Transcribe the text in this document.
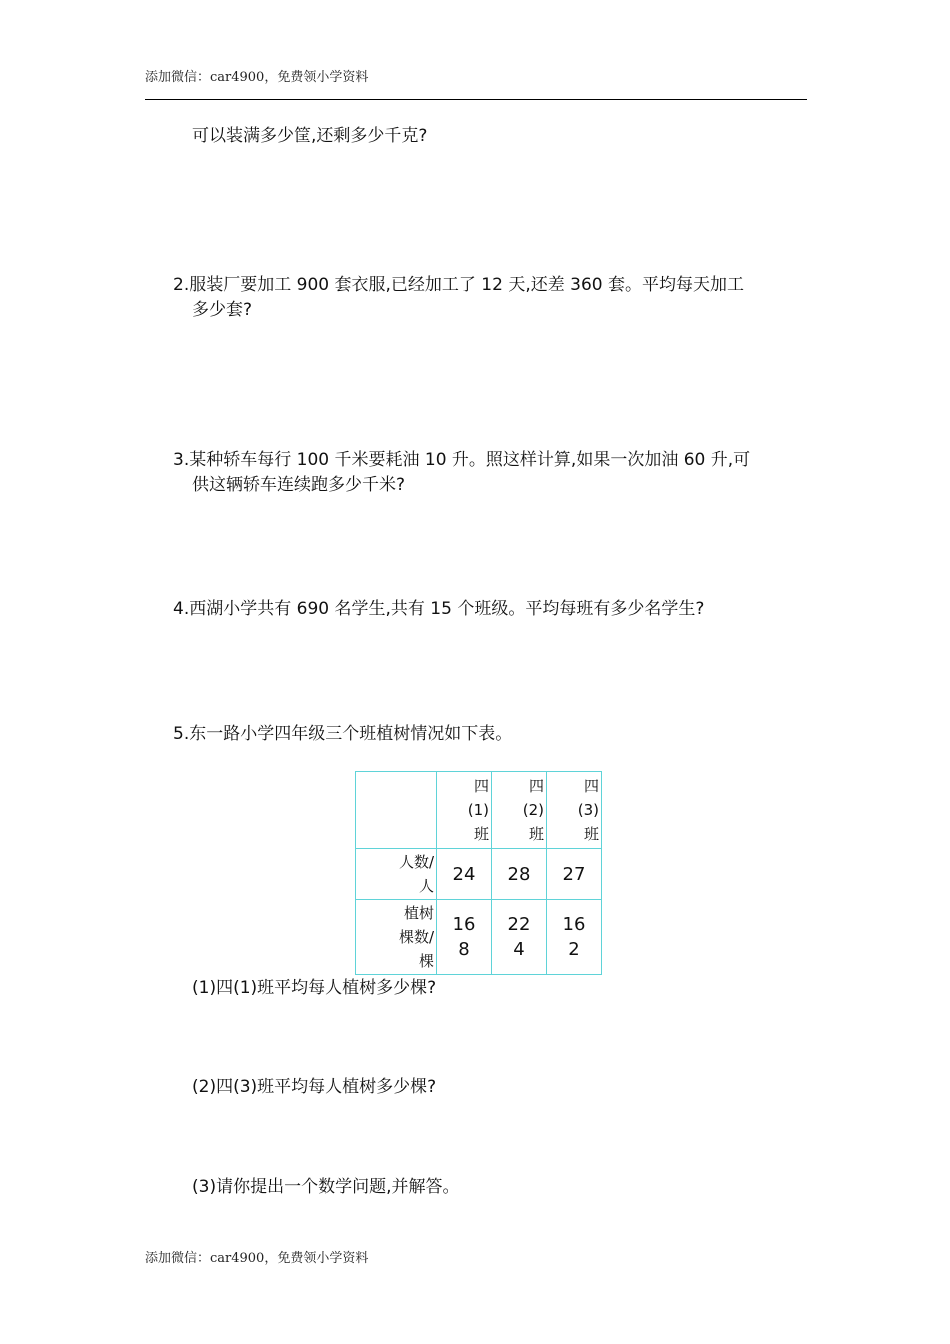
添加微信：car4900，免费领小学资料
可以装满多少筐,还剩多少千克?
2.服装厂要加工 900 套衣服,已经加工了 12 天,还差 360 套。平均每天加工
多少套?
3.某种轿车每行 100 千米要耗油 10 升。照这样计算,如果一次加油 60 升,可
供这辆轿车连续跑多少千米?
4.西湖小学共有 690 名学生,共有 15 个班级。平均每班有多少名学生?
5.东一路小学四年级三个班植树情况如下表。

	四
(1)
班	四
(2)
班	四
(3)
班

人数/
人	24	28	27

植树
棵数/
棵	16
8	22
4	16
2
(1)四(1)班平均每人植树多少棵?
(2)四(3)班平均每人植树多少棵?
(3)请你提出一个数学问题,并解答。
添加微信：car4900，免费领小学资料
